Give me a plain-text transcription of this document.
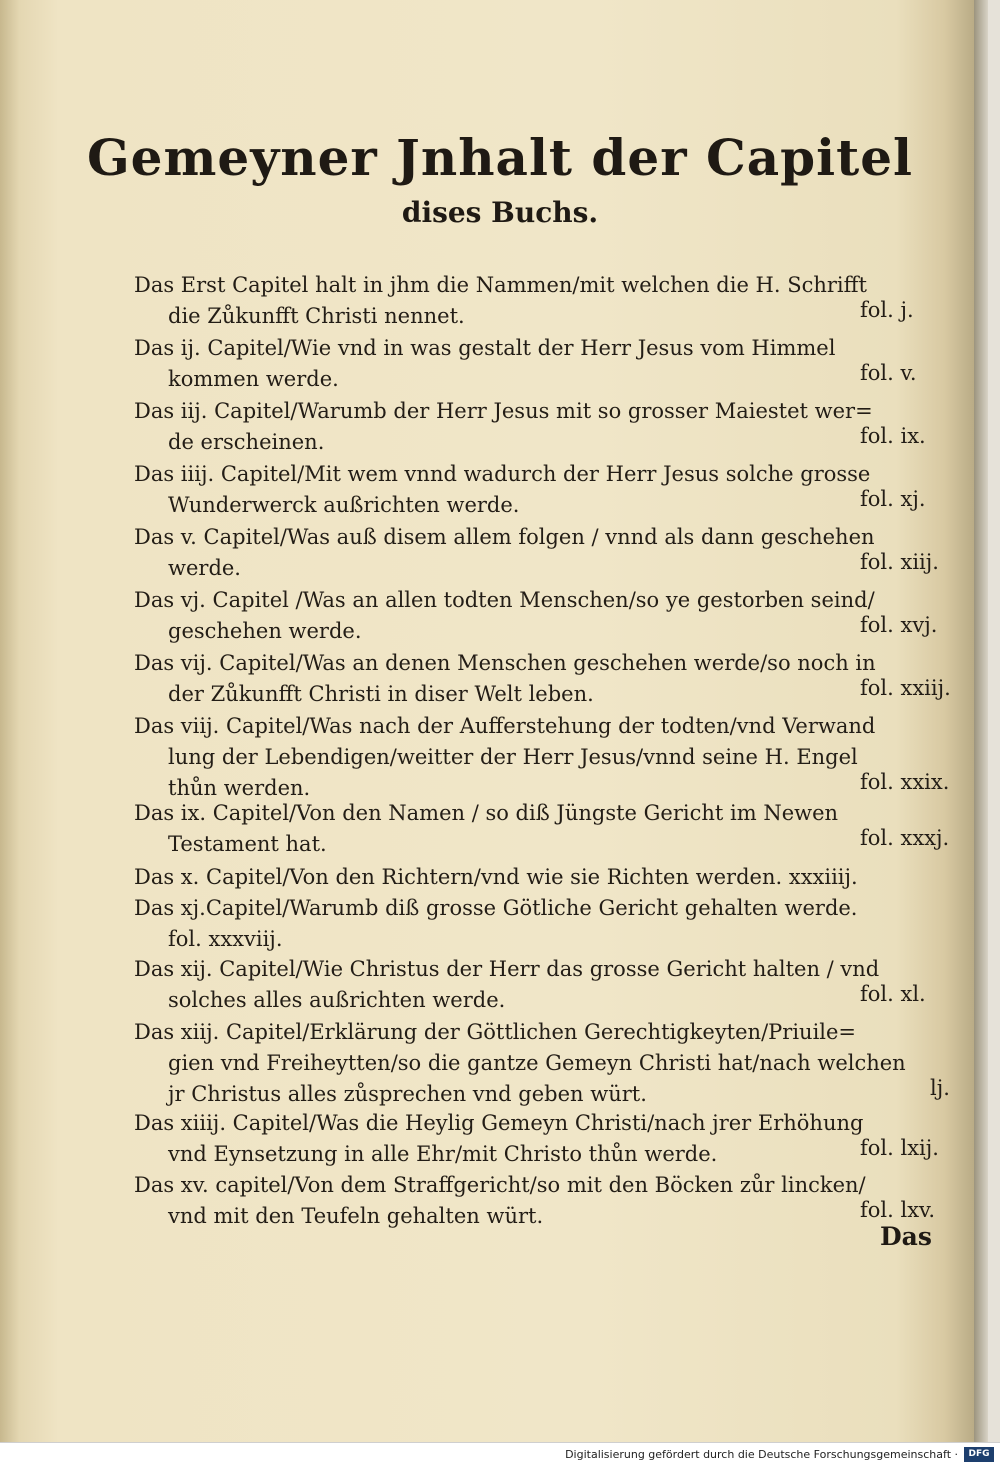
Gemeyner Jnhalt der Capitel
dises Buchs.
Das Erst Capitel halt in jhm die Nammen/mit welchen die H. Schrifft
die Zůkunfft Christi nennet.	fol. j.
Das ij. Capitel/Wie vnd in was gestalt der Herr Jesus vom Himmel
kommen werde.	fol. v.
Das iij. Capitel/Warumb der Herr Jesus mit so grosser Maiestet wer=
de erscheinen.	fol. ix.
Das iiij. Capitel/Mit wem vnnd wadurch der Herr Jesus solche grosse
Wunderwerck außrichten werde.	fol. xj.
Das v. Capitel/Was auß disem allem folgen / vnnd als dann geschehen
werde.	fol. xiij.
Das vj. Capitel /Was an allen todten Menschen/so ye gestorben seind/
geschehen werde.	fol. xvj.
Das vij. Capitel/Was an denen Menschen geschehen werde/so noch in
der Zůkunfft Christi in diser Welt leben.	fol. xxiij.
Das viij. Capitel/Was nach der Aufferstehung der todten/vnd Verwand
lung der Lebendigen/weitter der Herr Jesus/vnnd seine H. Engel
thůn werden.	fol. xxix.
Das ix. Capitel/Von den Namen / so diß Jüngste Gericht im Newen
Testament hat.	fol. xxxj.
Das x. Capitel/Von den Richtern/vnd wie sie Richten werden. xxxiiij.
Das xj.Capitel/Warumb diß grosse Götliche Gericht gehalten werde.
fol. xxxviij.
Das xij. Capitel/Wie Christus der Herr das grosse Gericht halten / vnd
solches alles außrichten werde.	fol. xl.
Das xiij. Capitel/Erklärung der Göttlichen Gerechtigkeyten/Priuile=
gien vnd Freiheytten/so die gantze Gemeyn Christi hat/nach welchen
jr Christus alles zůsprechen vnd geben würt.	lj.
Das xiiij. Capitel/Was die Heylig Gemeyn Christi/nach jrer Erhöhung
vnd Eynsetzung in alle Ehr/mit Christo thůn werde.	fol. lxij.
Das xv. capitel/Von dem Straffgericht/so mit den Böcken zůr lincken/
vnd mit den Teufeln gehalten würt.	fol. lxv.
Das
Digitalisierung gefördert durch die Deutsche Forschungsgemeinschaft ·	DFG
